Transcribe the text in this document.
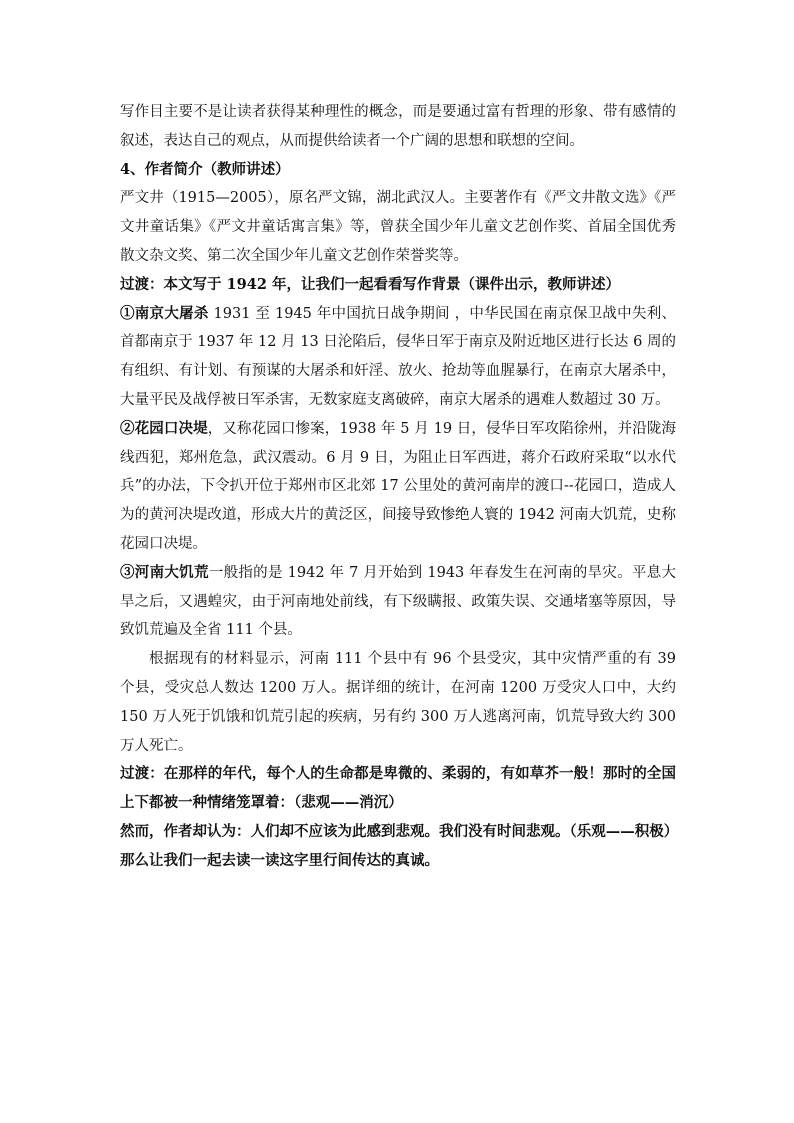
写作目主要不是让读者获得某种理性的概念，而是要通过富有哲理的形象、带有感情的叙述，表达自己的观点，从而提供给读者一个广阔的思想和联想的空间。

4、作者简介（教师讲述）

严文井（1915—2005），原名严文锦，湖北武汉人。主要著作有《严文井散文选》《严文井童话集》《严文井童话寓言集》等，曾获全国少年儿童文艺创作奖、首届全国优秀散文杂文奖、第二次全国少年儿童文艺创作荣誉奖等。

过渡：本文写于 1942 年，让我们一起看看写作背景（课件出示，教师讲述）

①南京大屠杀 1931 至 1945 年中国抗日战争期间 ，中华民国在南京保卫战中失利、首都南京于 1937 年 12 月 13 日沦陷后，侵华日军于南京及附近地区进行长达 6 周的有组织、有计划、有预谋的大屠杀和奸淫、放火、抢劫等血腥暴行，在南京大屠杀中，大量平民及战俘被日军杀害，无数家庭支离破碎，南京大屠杀的遇难人数超过 30 万。

②花园口决堤，又称花园口惨案，1938 年 5 月 19 日，侵华日军攻陷徐州，并沿陇海线西犯，郑州危急，武汉震动。6 月 9 日，为阻止日军西进，蒋介石政府采取“以水代兵”的办法，下令扒开位于郑州市区北郊 17 公里处的黄河南岸的渡口--花园口，造成人为的黄河决堤改道，形成大片的黄泛区，间接导致惨绝人寰的 1942 河南大饥荒，史称花园口决堤。

③河南大饥荒一般指的是 1942 年 7 月开始到 1943 年春发生在河南的旱灾。平息大旱之后，又遇蝗灾，由于河南地处前线，有下级瞒报、政策失误、交通堵塞等原因，导致饥荒遍及全省 111 个县。

根据现有的材料显示，河南 111 个县中有 96 个县受灾，其中灾情严重的有 39 个县，受灾总人数达 1200 万人。据详细的统计，在河南 1200 万受灾人口中，大约 150 万人死于饥饿和饥荒引起的疾病，另有约 300 万人逃离河南，饥荒导致大约 300 万人死亡。

过渡：在那样的年代，每个人的生命都是卑微的、柔弱的，有如草芥一般！那时的全国上下都被一种情绪笼罩着：（悲观——消沉）

然而，作者却认为：人们却不应该为此感到悲观。我们没有时间悲观。（乐观——积极）

那么让我们一起去读一读这字里行间传达的真诚。
